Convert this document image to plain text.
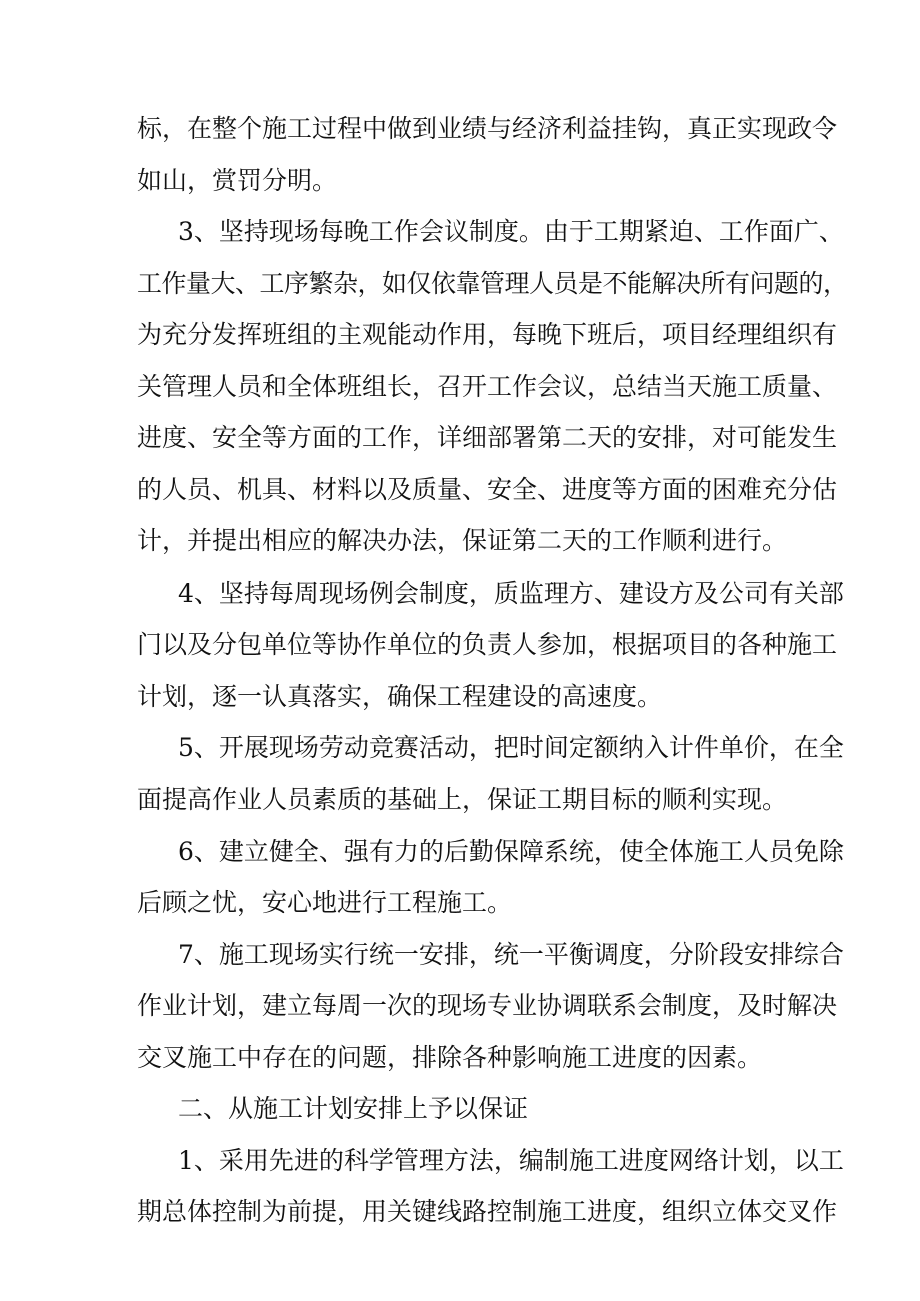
标，在整个施工过程中做到业绩与经济利益挂钩，真正实现政令

如山，赏罚分明。

3、坚持现场每晚工作会议制度。由于工期紧迫、工作面广、

工作量大、工序繁杂，如仅依靠管理人员是不能解决所有问题的，

为充分发挥班组的主观能动作用，每晚下班后，项目经理组织有

关管理人员和全体班组长，召开工作会议，总结当天施工质量、

进度、安全等方面的工作，详细部署第二天的安排，对可能发生

的人员、机具、材料以及质量、安全、进度等方面的困难充分估

计，并提出相应的解决办法，保证第二天的工作顺利进行。

4、坚持每周现场例会制度，质监理方、建设方及公司有关部

门以及分包单位等协作单位的负责人参加，根据项目的各种施工

计划，逐一认真落实，确保工程建设的高速度。

5、开展现场劳动竞赛活动，把时间定额纳入计件单价，在全

面提高作业人员素质的基础上，保证工期目标的顺利实现。

6、建立健全、强有力的后勤保障系统，使全体施工人员免除

后顾之忧，安心地进行工程施工。

7、施工现场实行统一安排，统一平衡调度，分阶段安排综合

作业计划，建立每周一次的现场专业协调联系会制度，及时解决

交叉施工中存在的问题，排除各种影响施工进度的因素。

二、从施工计划安排上予以保证

1、采用先进的科学管理方法，编制施工进度网络计划，以工

期总体控制为前提，用关键线路控制施工进度，组织立体交叉作
